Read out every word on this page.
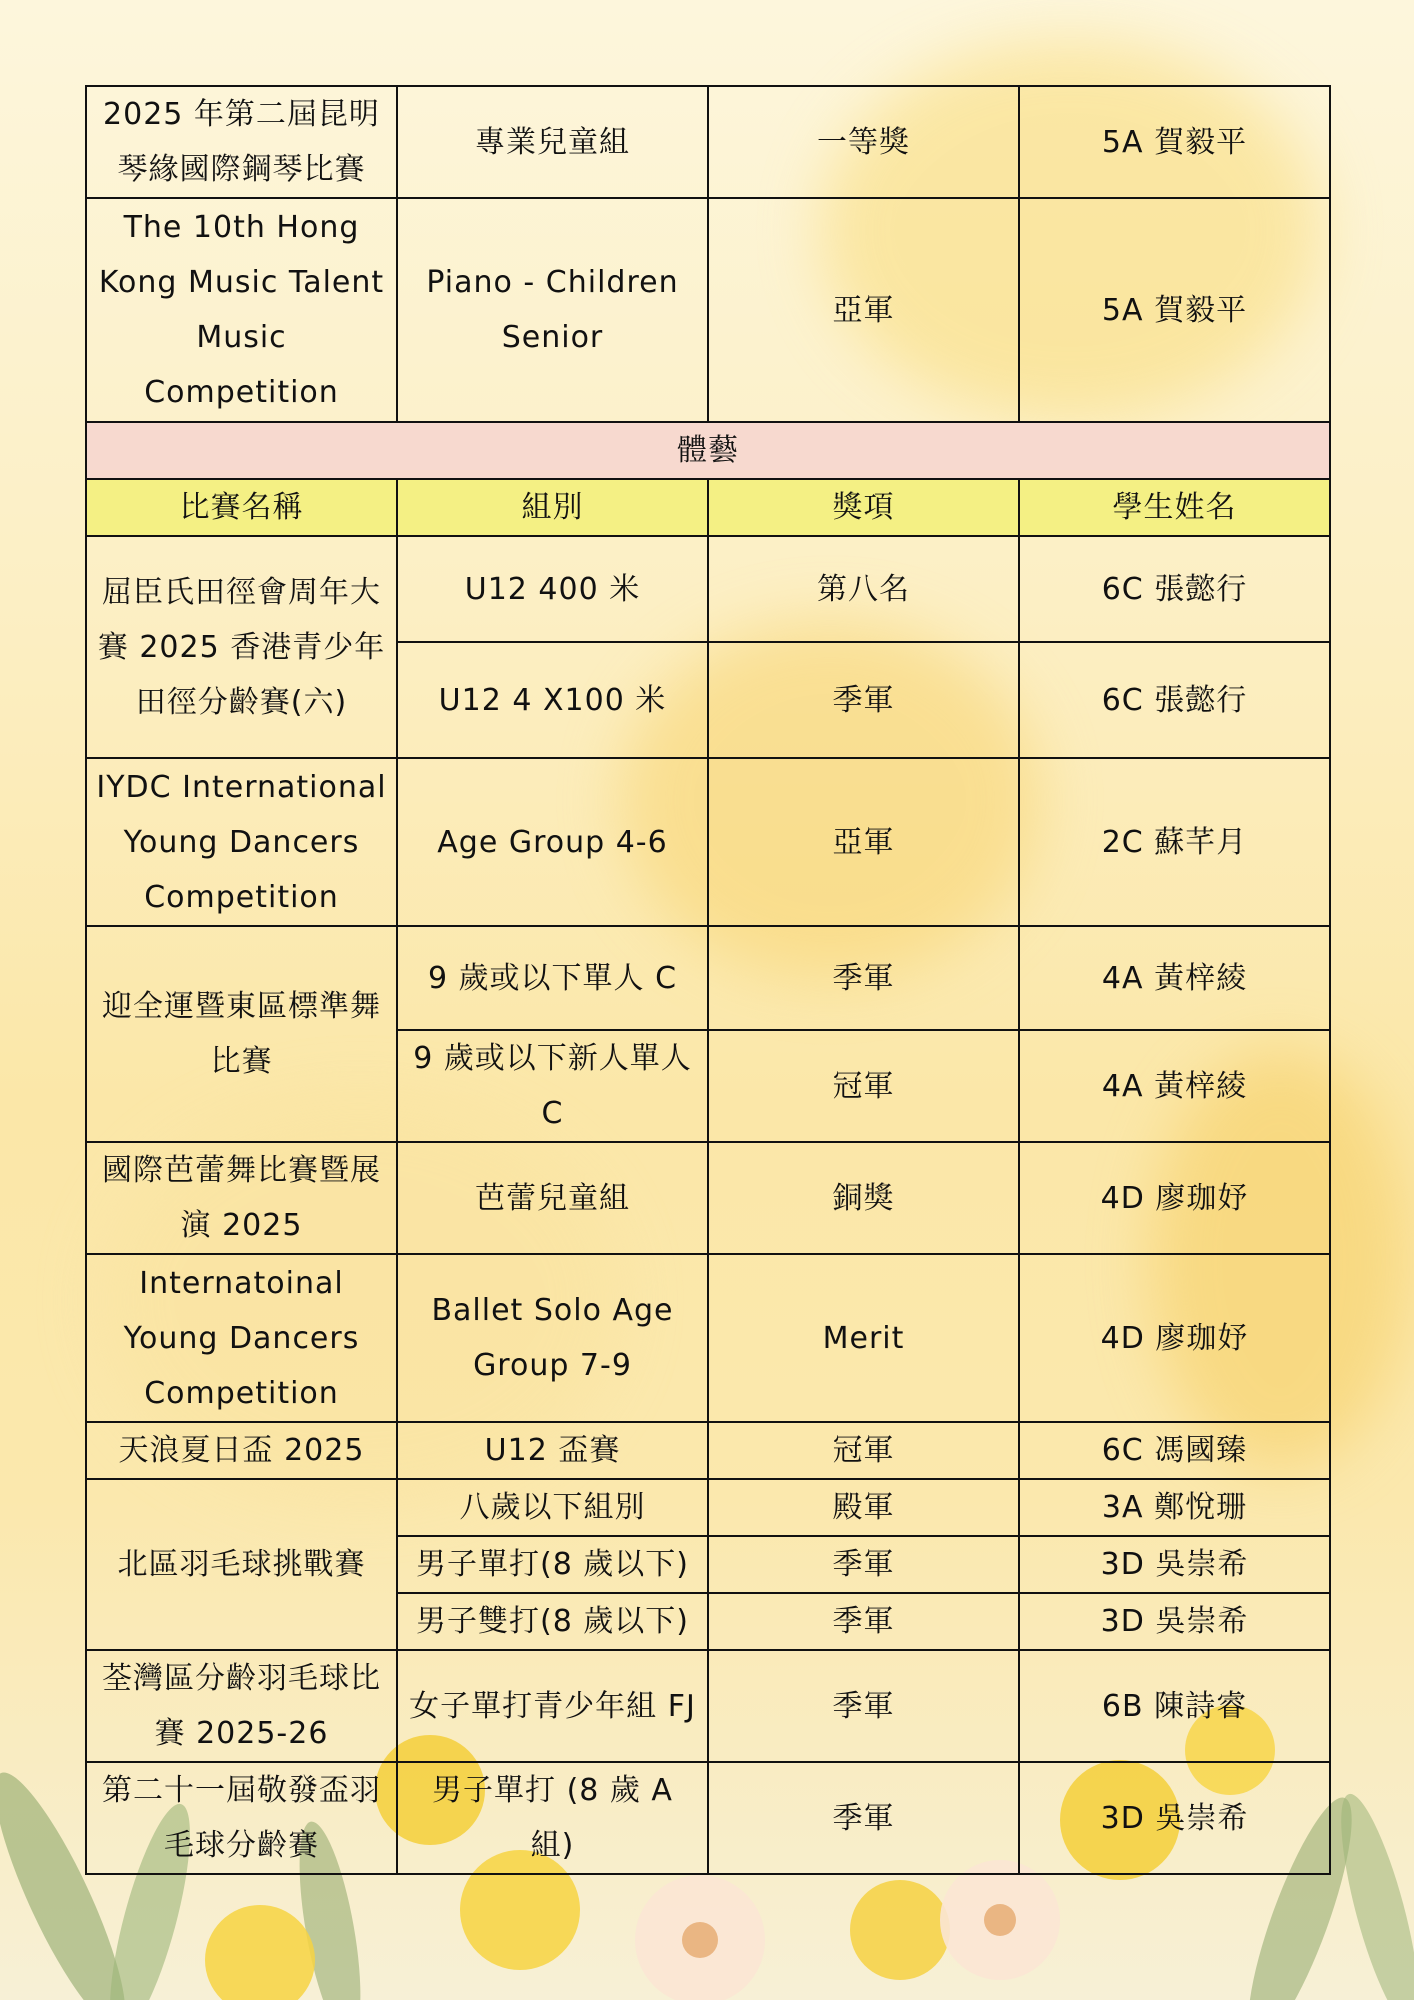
2025 年第二屆昆明琴緣國際鋼琴比賽	專業兒童組	一等獎	5A 賀毅平
The 10th Hong Kong Music Talent Music Competition	Piano - Children Senior	亞軍	5A 賀毅平
體藝			
比賽名稱	組別	獎項	學生姓名
屈臣氏田徑會周年大賽 2025 香港青少年田徑分齡賽(六)	U12 400 米	第八名	6C 張懿行
	U12 4 X100 米	季軍	6C 張懿行
IYDC International Young Dancers Competition	Age Group 4-6	亞軍	2C 蘇芊月
迎全運暨東區標準舞比賽	9 歲或以下單人 C	季軍	4A 黃梓綾
	9 歲或以下新人單人 C	冠軍	4A 黃梓綾
國際芭蕾舞比賽暨展演 2025	芭蕾兒童組	銅獎	4D 廖珈妤
Internatoinal Young Dancers Competition	Ballet Solo Age Group 7-9	Merit	4D 廖珈妤
天浪夏日盃 2025	U12 盃賽	冠軍	6C 馮國臻
北區羽毛球挑戰賽	八歲以下組別	殿軍	3A 鄭悅珊
	男子單打(8 歲以下)	季軍	3D 吳崇希
	男子雙打(8 歲以下)	季軍	3D 吳崇希
荃灣區分齡羽毛球比賽 2025-26	女子單打青少年組 FJ	季軍	6B 陳詩睿
第二十一屆敬發盃羽毛球分齡賽	男子單打 (8 歲 A 組)	季軍	3D 吳崇希
